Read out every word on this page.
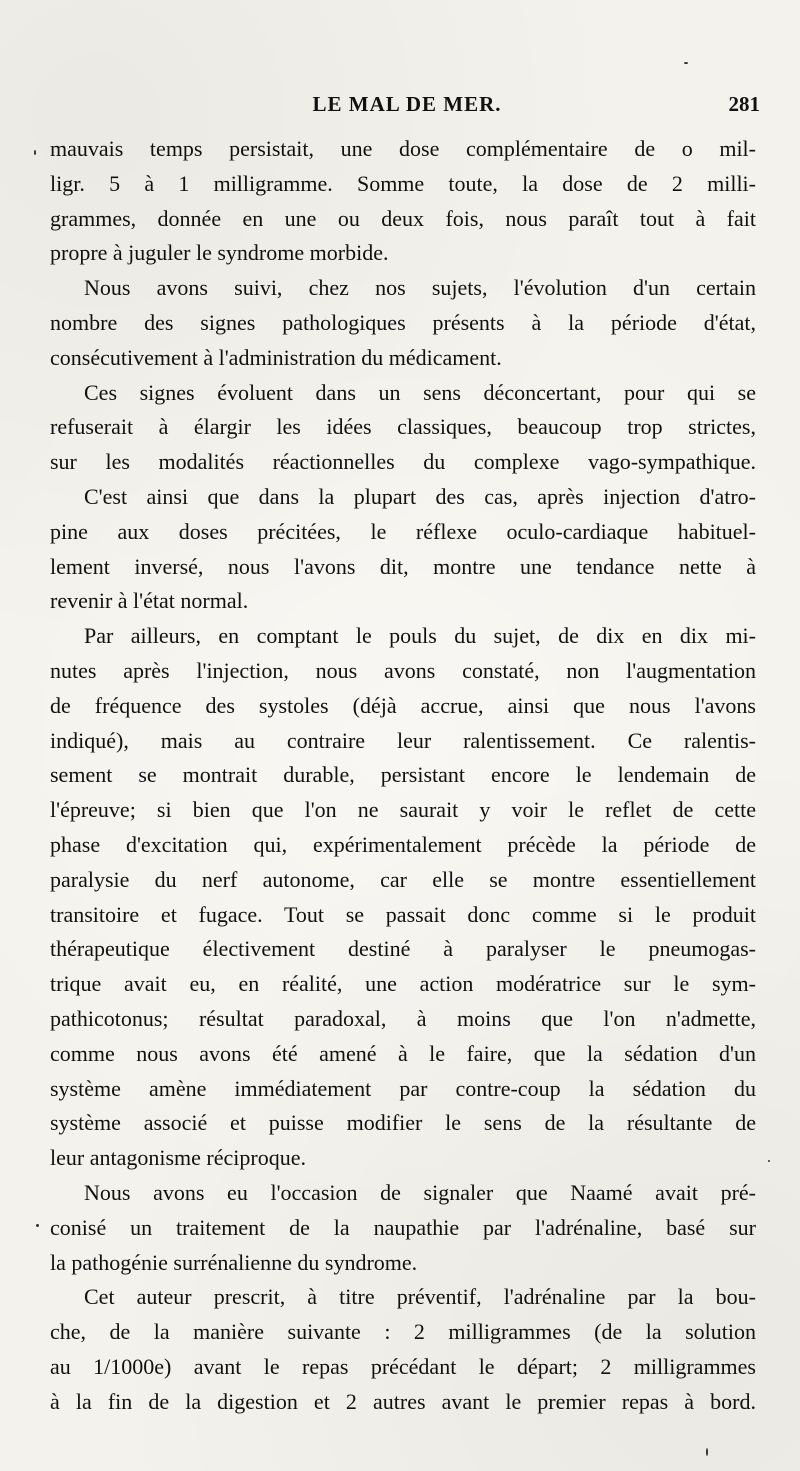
LE MAL DE MER.	281
mauvais temps persistait, une dose complémentaire de o mil-
ligr. 5 à 1 milligramme. Somme toute, la dose de 2 milli-
grammes, donnée en une ou deux fois, nous paraît tout à fait
propre à juguler le syndrome morbide.
Nous avons suivi, chez nos sujets, l'évolution d'un certain
nombre des signes pathologiques présents à la période d'état,
consécutivement à l'administration du médicament.
Ces signes évoluent dans un sens déconcertant, pour qui se
refuserait à élargir les idées classiques, beaucoup trop strictes,
sur les modalités réactionnelles du complexe vago-sympathique.
C'est ainsi que dans la plupart des cas, après injection d'atro-
pine aux doses précitées, le réflexe oculo-cardiaque habituel-
lement inversé, nous l'avons dit, montre une tendance nette à
revenir à l'état normal.
Par ailleurs, en comptant le pouls du sujet, de dix en dix mi-
nutes après l'injection, nous avons constaté, non l'augmentation
de fréquence des systoles (déjà accrue, ainsi que nous l'avons
indiqué), mais au contraire leur ralentissement. Ce ralentis-
sement se montrait durable, persistant encore le lendemain de
l'épreuve; si bien que l'on ne saurait y voir le reflet de cette
phase d'excitation qui, expérimentalement précède la période de
paralysie du nerf autonome, car elle se montre essentiellement
transitoire et fugace. Tout se passait donc comme si le produit
thérapeutique électivement destiné à paralyser le pneumogas-
trique avait eu, en réalité, une action modératrice sur le sym-
pathicotonus; résultat paradoxal, à moins que l'on n'admette,
comme nous avons été amené à le faire, que la sédation d'un
système amène immédiatement par contre-coup la sédation du
système associé et puisse modifier le sens de la résultante de
leur antagonisme réciproque.
Nous avons eu l'occasion de signaler que Naamé avait pré-
conisé un traitement de la naupathie par l'adrénaline, basé sur
la pathogénie surrénalienne du syndrome.
Cet auteur prescrit, à titre préventif, l'adrénaline par la bou-
che, de la manière suivante : 2 milligrammes (de la solution
au 1/1000e) avant le repas précédant le départ; 2 milligrammes
à la fin de la digestion et 2 autres avant le premier repas à bord.
